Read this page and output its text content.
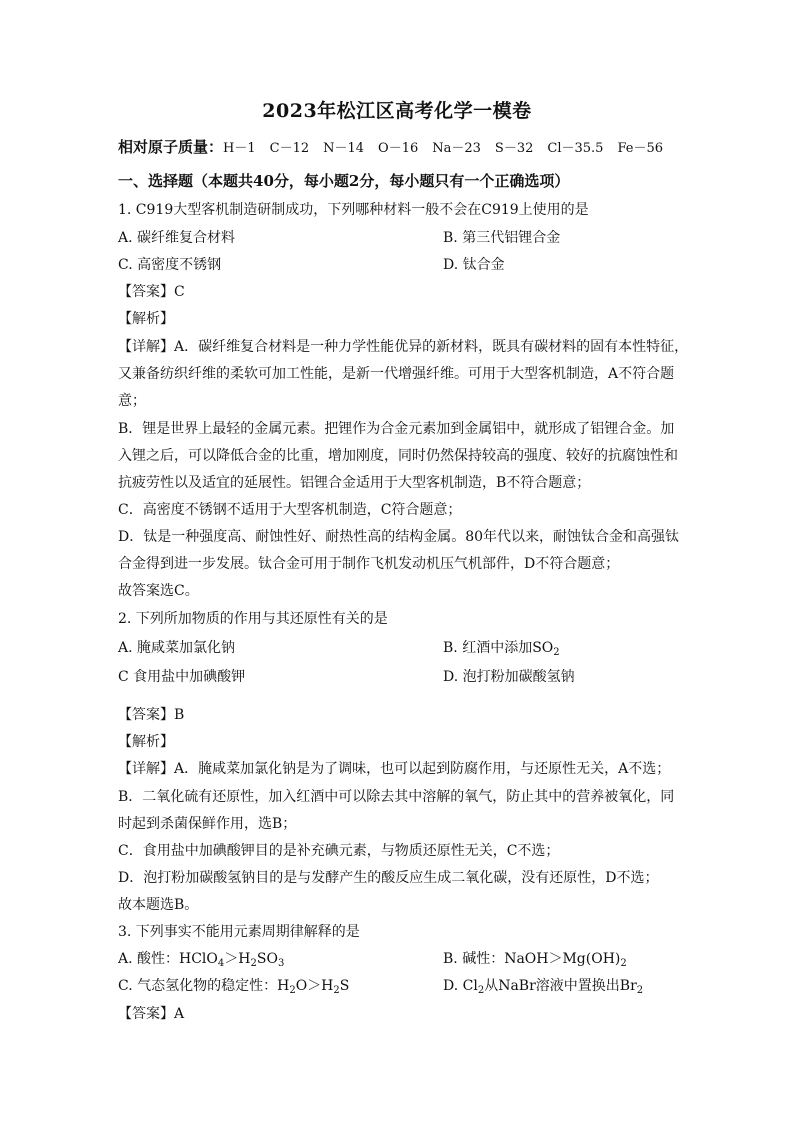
2023年松江区高考化学一模卷
相对原子质量：H－1 C－12 N－14 O－16 Na－23 S－32 Cl－35.5 Fe－56
一、选择题（本题共40分，每小题2分，每小题只有一个正确选项）
1. C919大型客机制造研制成功，下列哪种材料一般不会在C919上使用的是
A. 碳纤维复合材料	B. 第三代铝锂合金
C. 高密度不锈钢	D. 钛合金
【答案】C
【解析】
【详解】A．碳纤维复合材料是一种力学性能优异的新材料，既具有碳材料的固有本性特征，
又兼备纺织纤维的柔软可加工性能，是新一代增强纤维。可用于大型客机制造，A不符合题
意；
B．锂是世界上最轻的金属元素。把锂作为合金元素加到金属铝中，就形成了铝锂合金。加
入锂之后，可以降低合金的比重，增加刚度，同时仍然保持较高的强度、较好的抗腐蚀性和
抗疲劳性以及适宜的延展性。铝锂合金适用于大型客机制造，B不符合题意；
C．高密度不锈钢不适用于大型客机制造，C符合题意；
D．钛是一种强度高、耐蚀性好、耐热性高的结构金属。80年代以来，耐蚀钛合金和高强钛
合金得到进一步发展。钛合金可用于制作飞机发动机压气机部件，D不符合题意；
故答案选C。
2. 下列所加物质的作用与其还原性有关的是
A. 腌咸菜加氯化钠	B. 红酒中添加$SO_2$
C 食用盐中加碘酸钾	D. 泡打粉加碳酸氢钠
【答案】B
【解析】
【详解】A．腌咸菜加氯化钠是为了调味，也可以起到防腐作用，与还原性无关，A不选；
B．二氧化硫有还原性，加入红酒中可以除去其中溶解的氧气，防止其中的营养被氧化，同
时起到杀菌保鲜作用，选B；
C．食用盐中加碘酸钾目的是补充碘元素，与物质还原性无关，C不选；
D．泡打粉加碳酸氢钠目的是与发酵产生的酸反应生成二氧化碳，没有还原性，D不选；
故本题选B。
3. 下列事实不能用元素周期律解释的是
A. 酸性：$HClO_4>H_2SO_3$	B. 碱性：$NaOH>Mg(OH)_2$
C. 气态氢化物的稳定性：$H_2O>H_2S$	D. $Cl_2$从NaBr溶液中置换出$Br_2$
【答案】A
